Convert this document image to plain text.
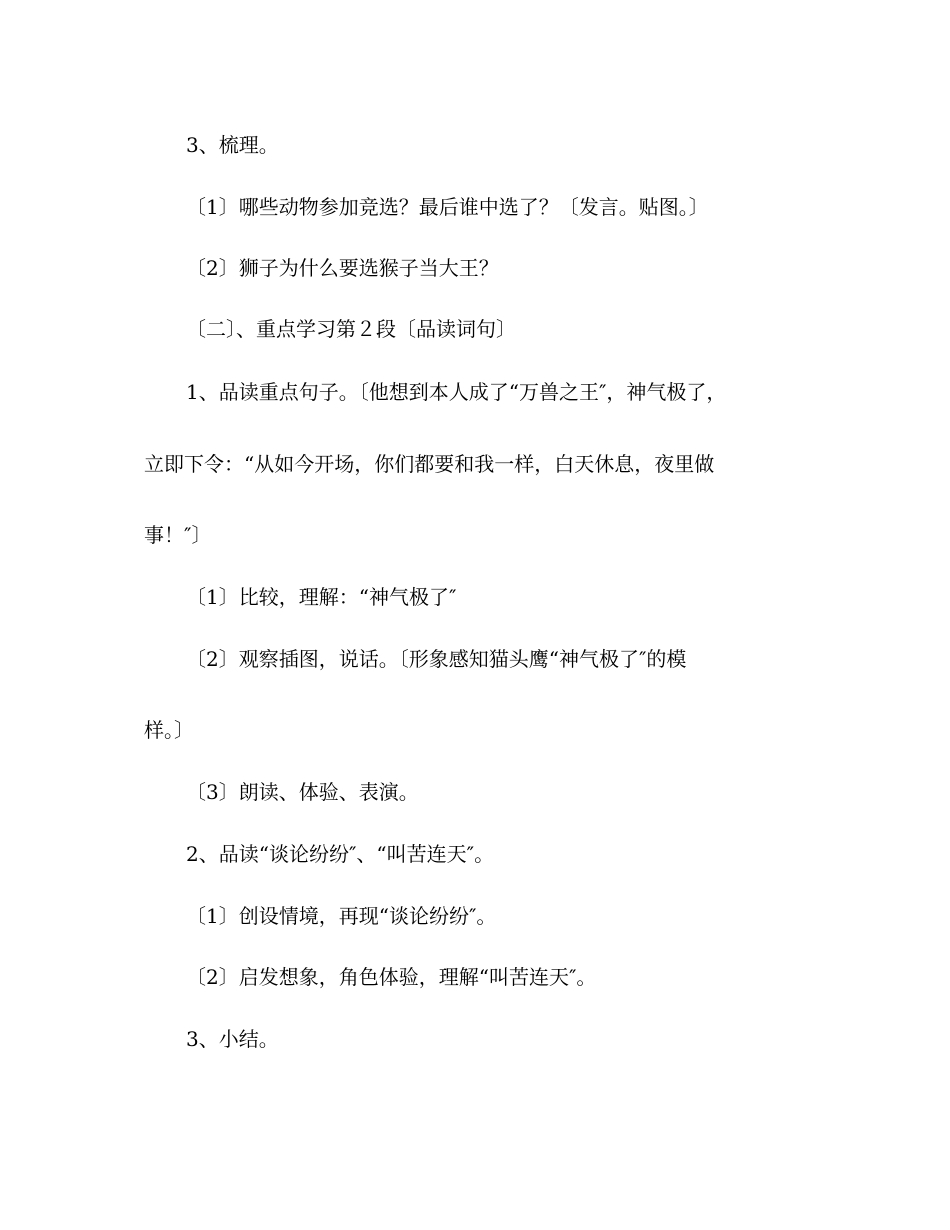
3、梳理。
〔1〕哪些动物参加竞选？最后谁中选了？〔发言。贴图。〕
〔2〕狮子为什么要选猴子当大王？
〔二〕、重点学习第２段〔品读词句〕
1、品读重点句子。〔他想到本人成了“万兽之王″，神气极了，
立即下令：“从如今开场，你们都要和我一样，白天休息，夜里做
事！″〕
〔1〕比较，理解：“神气极了″
〔2〕观察插图，说话。〔形象感知猫头鹰“神气极了″的模
样。〕
〔3〕朗读、体验、表演。
2、品读“谈论纷纷″、“叫苦连天″。
〔1〕创设情境，再现“谈论纷纷″。
〔2〕启发想象，角色体验，理解“叫苦连天″。
3、小结。
